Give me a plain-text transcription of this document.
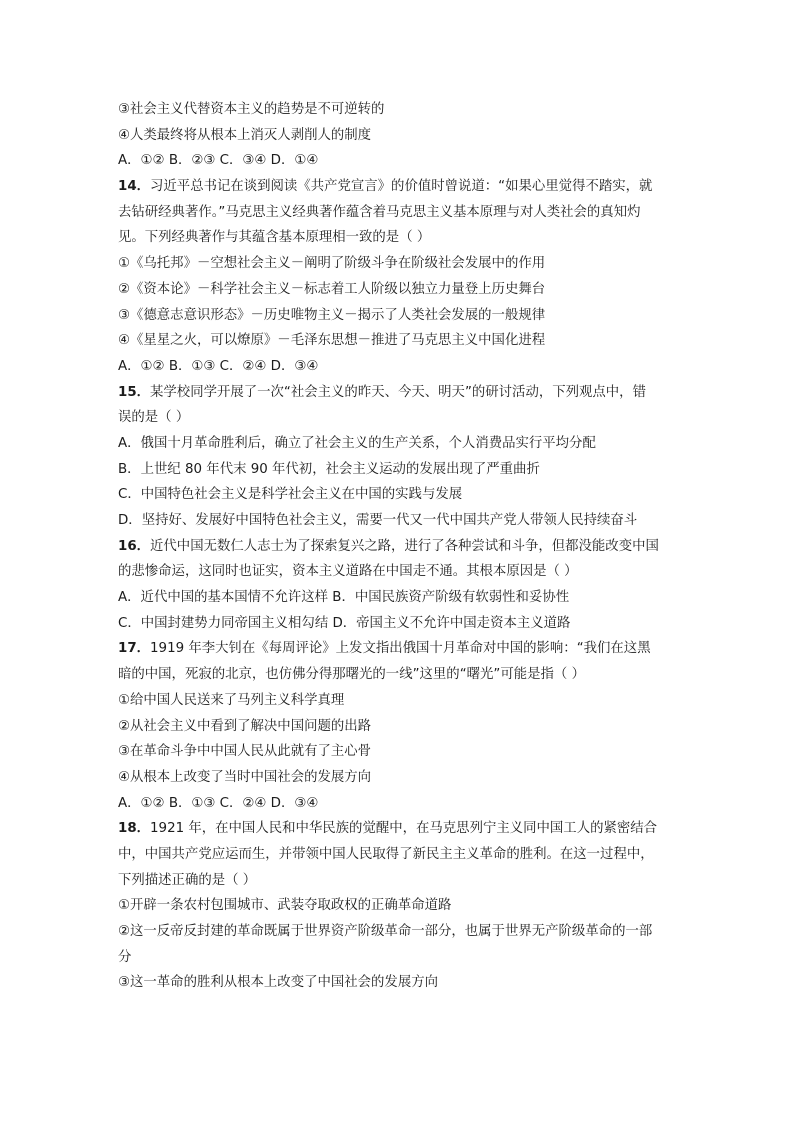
③社会主义代替资本主义的趋势是不可逆转的
④人类最终将从根本上消灭人剥削人的制度
A．①② B．②③ C．③④ D．①④
14．习近平总书记在谈到阅读《共产党宣言》的价值时曾说道：“如果心里觉得不踏实，就
去钻研经典著作。”马克思主义经典著作蕴含着马克思主义基本原理与对人类社会的真知灼
见。下列经典著作与其蕴含基本原理相一致的是（ ）
①《乌托邦》－空想社会主义－阐明了阶级斗争在阶级社会发展中的作用
②《资本论》－科学社会主义－标志着工人阶级以独立力量登上历史舞台
③《德意志意识形态》－历史唯物主义－揭示了人类社会发展的一般规律
④《星星之火，可以燎原》－毛泽东思想－推进了马克思主义中国化进程
A．①② B．①③ C．②④ D．③④
15．某学校同学开展了一次“社会主义的昨天、今天、明天”的研讨活动，下列观点中，错
误的是（ ）
A．俄国十月革命胜利后，确立了社会主义的生产关系，个人消费品实行平均分配
B．上世纪 80 年代末 90 年代初，社会主义运动的发展出现了严重曲折
C．中国特色社会主义是科学社会主义在中国的实践与发展
D．坚持好、发展好中国特色社会主义，需要一代又一代中国共产党人带领人民持续奋斗
16．近代中国无数仁人志士为了探索复兴之路，进行了各种尝试和斗争，但都没能改变中国
的悲惨命运，这同时也证实，资本主义道路在中国走不通。其根本原因是（ ）
A．近代中国的基本国情不允许这样 B．中国民族资产阶级有软弱性和妥协性
C．中国封建势力同帝国主义相勾结 D．帝国主义不允许中国走资本主义道路
17．1919 年李大钊在《每周评论》上发文指出俄国十月革命对中国的影响：“我们在这黑
暗的中国，死寂的北京，也仿佛分得那曙光的一线”这里的“曙光”可能是指（ ）
①给中国人民送来了马列主义科学真理
②从社会主义中看到了解决中国问题的出路
③在革命斗争中中国人民从此就有了主心骨
④从根本上改变了当时中国社会的发展方向
A．①② B．①③ C．②④ D．③④
18．1921 年，在中国人民和中华民族的觉醒中，在马克思列宁主义同中国工人的紧密结合
中，中国共产党应运而生，并带领中国人民取得了新民主主义革命的胜利。在这一过程中，
下列描述正确的是（ ）
①开辟一条农村包围城市、武装夺取政权的正确革命道路
②这一反帝反封建的革命既属于世界资产阶级革命一部分，也属于世界无产阶级革命的一部
分
③这一革命的胜利从根本上改变了中国社会的发展方向
